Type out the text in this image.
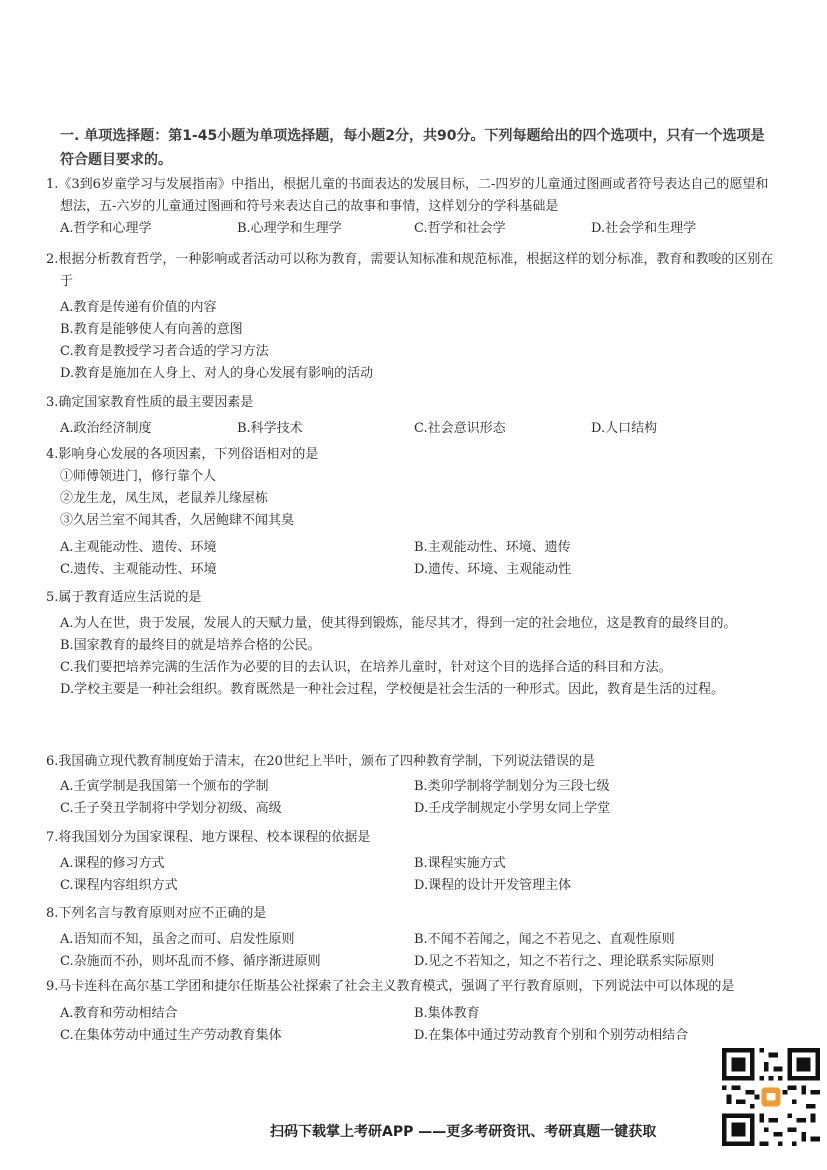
一. 单项选择题：第1-45小题为单项选择题，每小题2分，共90分。下列每题给出的四个选项中，只有一个选项是符合题目要求的。

1.《3到6岁童学习与发展指南》中指出，根据儿童的书面表达的发展目标，二-四岁的儿童通过图画或者符号表达自己的愿望和想法，五-六岁的儿童通过图画和符号来表达自己的故事和事情，这样划分的学科基础是

A.哲学和心理学	B.心理学和生理学	C.哲学和社会学	D.社会学和生理学

2.根据分析教育哲学，一种影响或者活动可以称为教育，需要认知标准和规范标准，根据这样的划分标准，教育和教唆的区别在于

A.教育是传递有价值的内容
B.教育是能够使人有向善的意图
C.教育是教授学习者合适的学习方法
D.教育是施加在人身上、对人的身心发展有影响的活动

3.确定国家教育性质的最主要因素是

A.政治经济制度	B.科学技术	C.社会意识形态	D.人口结构

4.影响身心发展的各项因素，下列俗语相对的是

①师傅领进门，修行靠个人
②龙生龙，凤生凤，老鼠养儿缘屋栋
③久居兰室不闻其香，久居鲍肆不闻其臭
A.主观能动性、遗传、环境	B.主观能动性、环境、遗传
C.遗传、主观能动性、环境	D.遗传、环境、主观能动性

5.属于教育适应生活说的是

A.为人在世，贵于发展，发展人的天赋力量，使其得到锻炼，能尽其才，得到一定的社会地位，这是教育的最终目的。
B.国家教育的最终目的就是培养合格的公民。
C.我们要把培养完满的生活作为必要的目的去认识，在培养儿童时，针对这个目的选择合适的科目和方法。
D.学校主要是一种社会组织。教育既然是一种社会过程，学校便是社会生活的一种形式。因此，教育是生活的过程。

6.我国确立现代教育制度始于清末，在20世纪上半叶，颁布了四种教育学制，下列说法错误的是

A.壬寅学制是我国第一个颁布的学制	B.类卯学制将学制划分为三段七级
C.壬子癸丑学制将中学划分初级、高级	D.壬戌学制规定小学男女同上学堂

7.将我国划分为国家课程、地方课程、校本课程的依据是

A.课程的修习方式	B.课程实施方式
C.课程内容组织方式	D.课程的设计开发管理主体

8.下列名言与教育原则对应不正确的是

A.语知而不知，虽舍之而可、启发性原则	B.不闻不若闻之，闻之不若见之、直观性原则
C.杂施而不孙，则坏乱而不修、循序渐进原则	D.见之不若知之，知之不若行之、理论联系实际原则

9.马卡连科在高尔基工学团和捷尔任斯基公社探索了社会主义教育模式，强调了平行教育原则，下列说法中可以体现的是

A.教育和劳动相结合	B.集体教育
C.在集体劳动中通过生产劳动教育集体	D.在集体中通过劳动教育个别和个别劳动相结合
扫码下载掌上考研APP ——更多考研资讯、考研真题一键获取
